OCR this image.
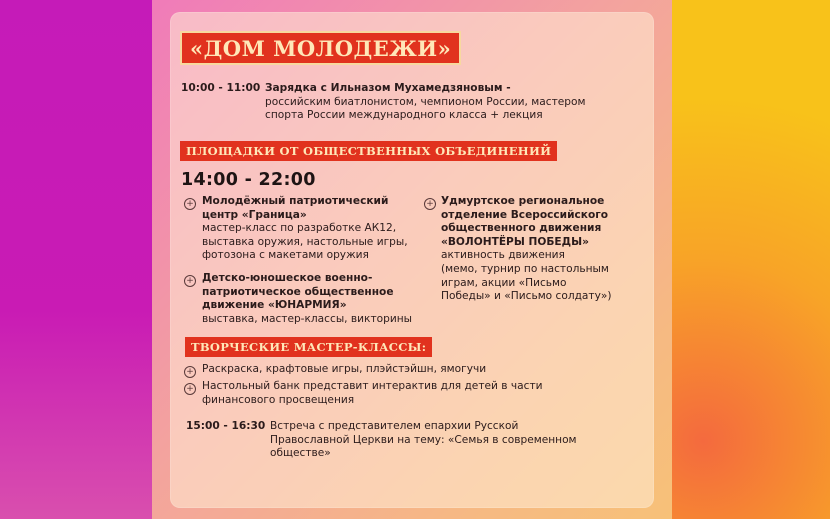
«ДОМ МОЛОДЕЖИ»
10:00 - 11:00 Зарядка с Ильназом Мухамедзяновым -
российским биатлонистом, чемпионом России, мастером
спорта России международного класса + лекция
ПЛОЩАДКИ ОТ ОБЩЕСТВЕННЫХ ОБЪЕДИНЕНИЙ
14:00 - 22:00
+ Молодёжный патриотический
центр «Граница»
мастер-класс по разработке АК12,
выставка оружия, настольные игры,
фотозона с макетами оружия
+ Детско-юношеское военно-
патриотическое общественное
движение «ЮНАРМИЯ»
выставка, мастер-классы, викторины
+ Удмуртское региональное
отделение Всероссийского
общественного движения
«ВОЛОНТЁРЫ ПОБЕДЫ»
активность движения
(мемо, турнир по настольным
играм, акции «Письмо
Победы» и «Письмо солдату»)
ТВОРЧЕСКИЕ МАСТЕР-КЛАССЫ:
+ Раскраска, крафтовые игры, плэйстэйшн, ямогучи
+ Настольный банк представит интерактив для детей в части
финансового просвещения
15:00 - 16:30 Встреча с представителем епархии Русской
Православной Церкви на тему: «Семья в современном
обществе»
